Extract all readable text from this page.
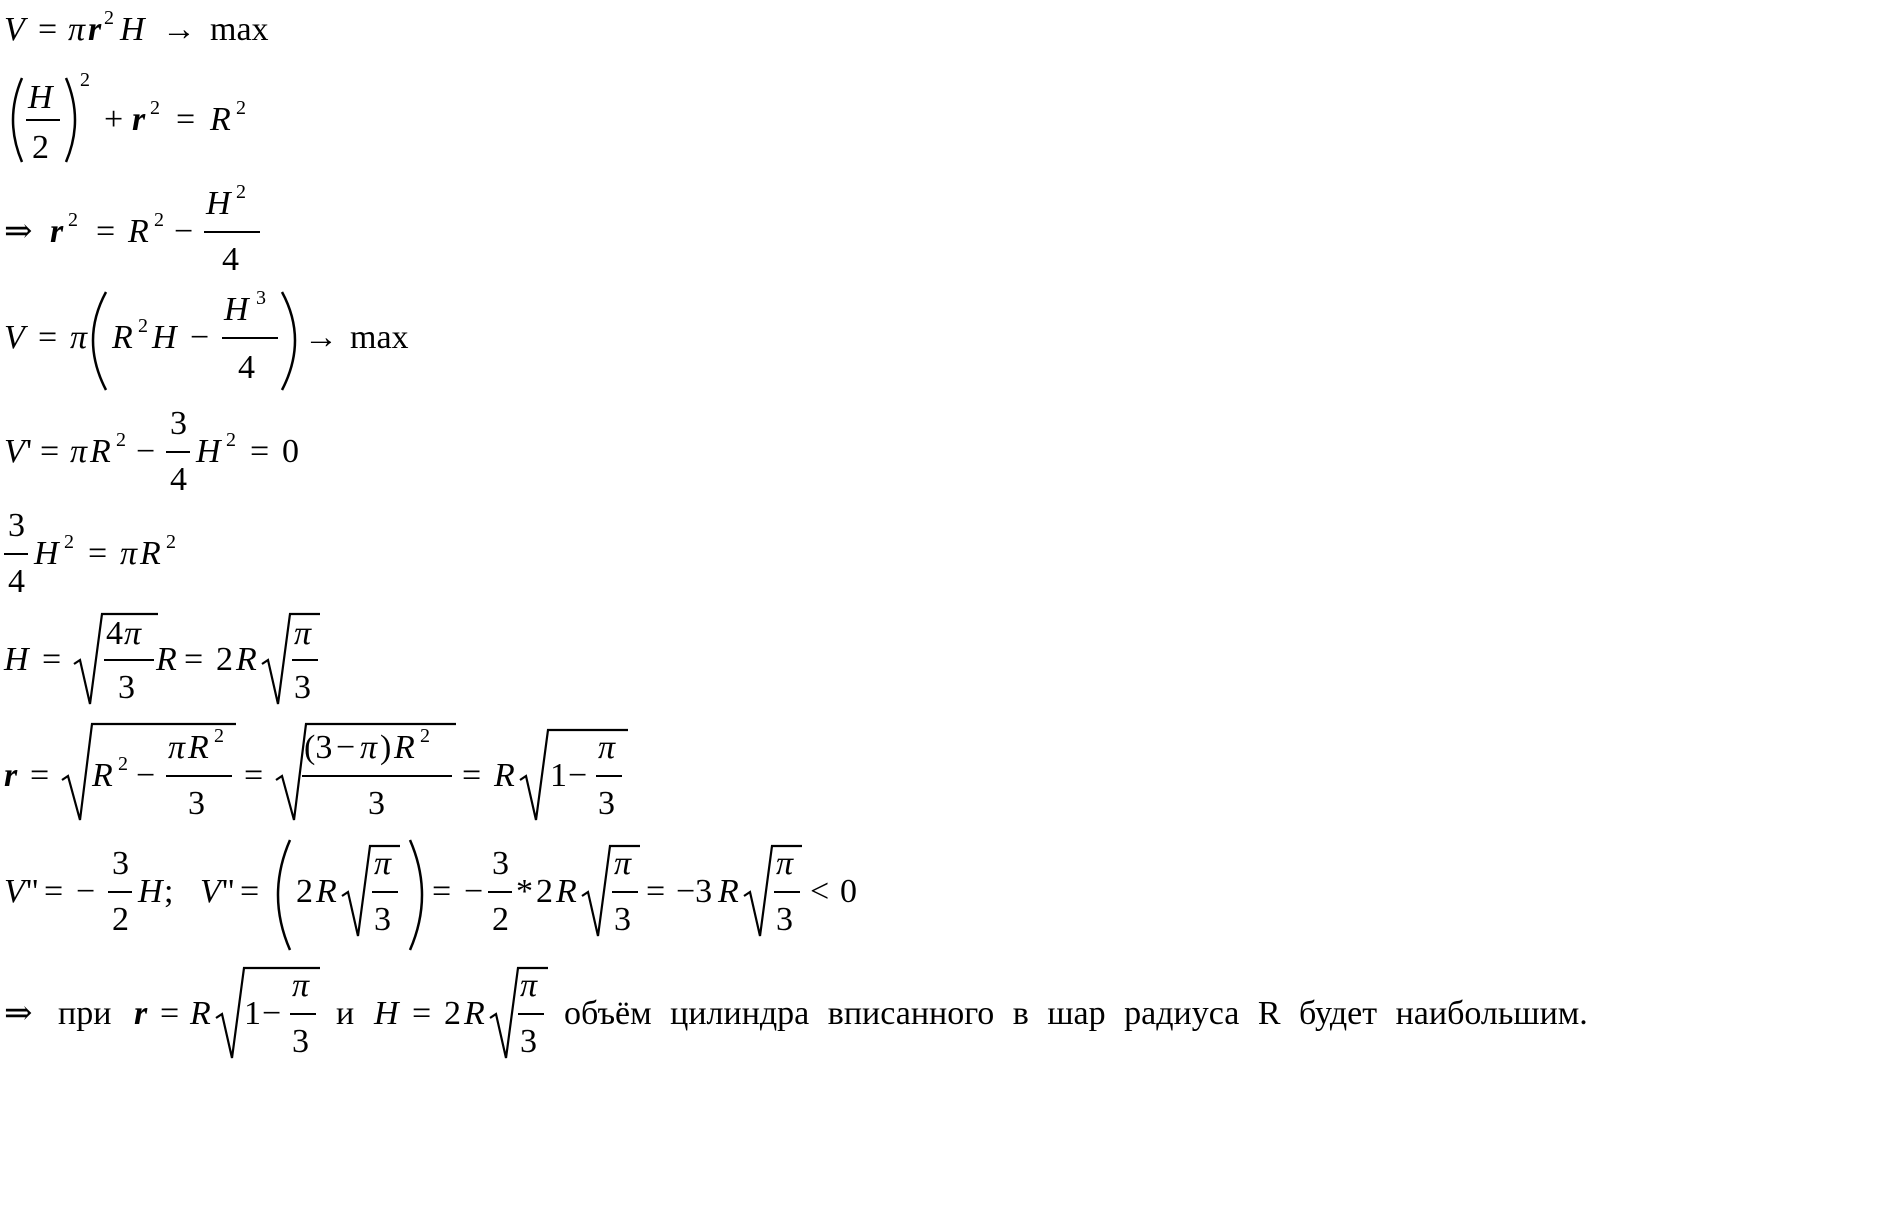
V = π r 2 H → max
H
2
2
+ r 2 = R 2
⇒ r 2 = R 2 −
H 2
4
V = π R 2 H −
H 3
4
→ max
V ' = π R 2 −
3
4
H 2 = 0
3
4
H 2 = π R 2
H =
4 π
3
R = 2 R
π
3
r = R 2 −
π R 2
3
=
(3 − π ) R 2
3
= R 1 −
π
3
V '' = −
3
2
H ; V '' = 2 R
π
3
= −
3
2
* 2 R
π
3
= −3 R
π
3
< 0
⇒ при r = R 1 −
π
3
и H = 2 R
π
3
объём цилиндра вписанного в шар радиуса R будет наибольшим.
